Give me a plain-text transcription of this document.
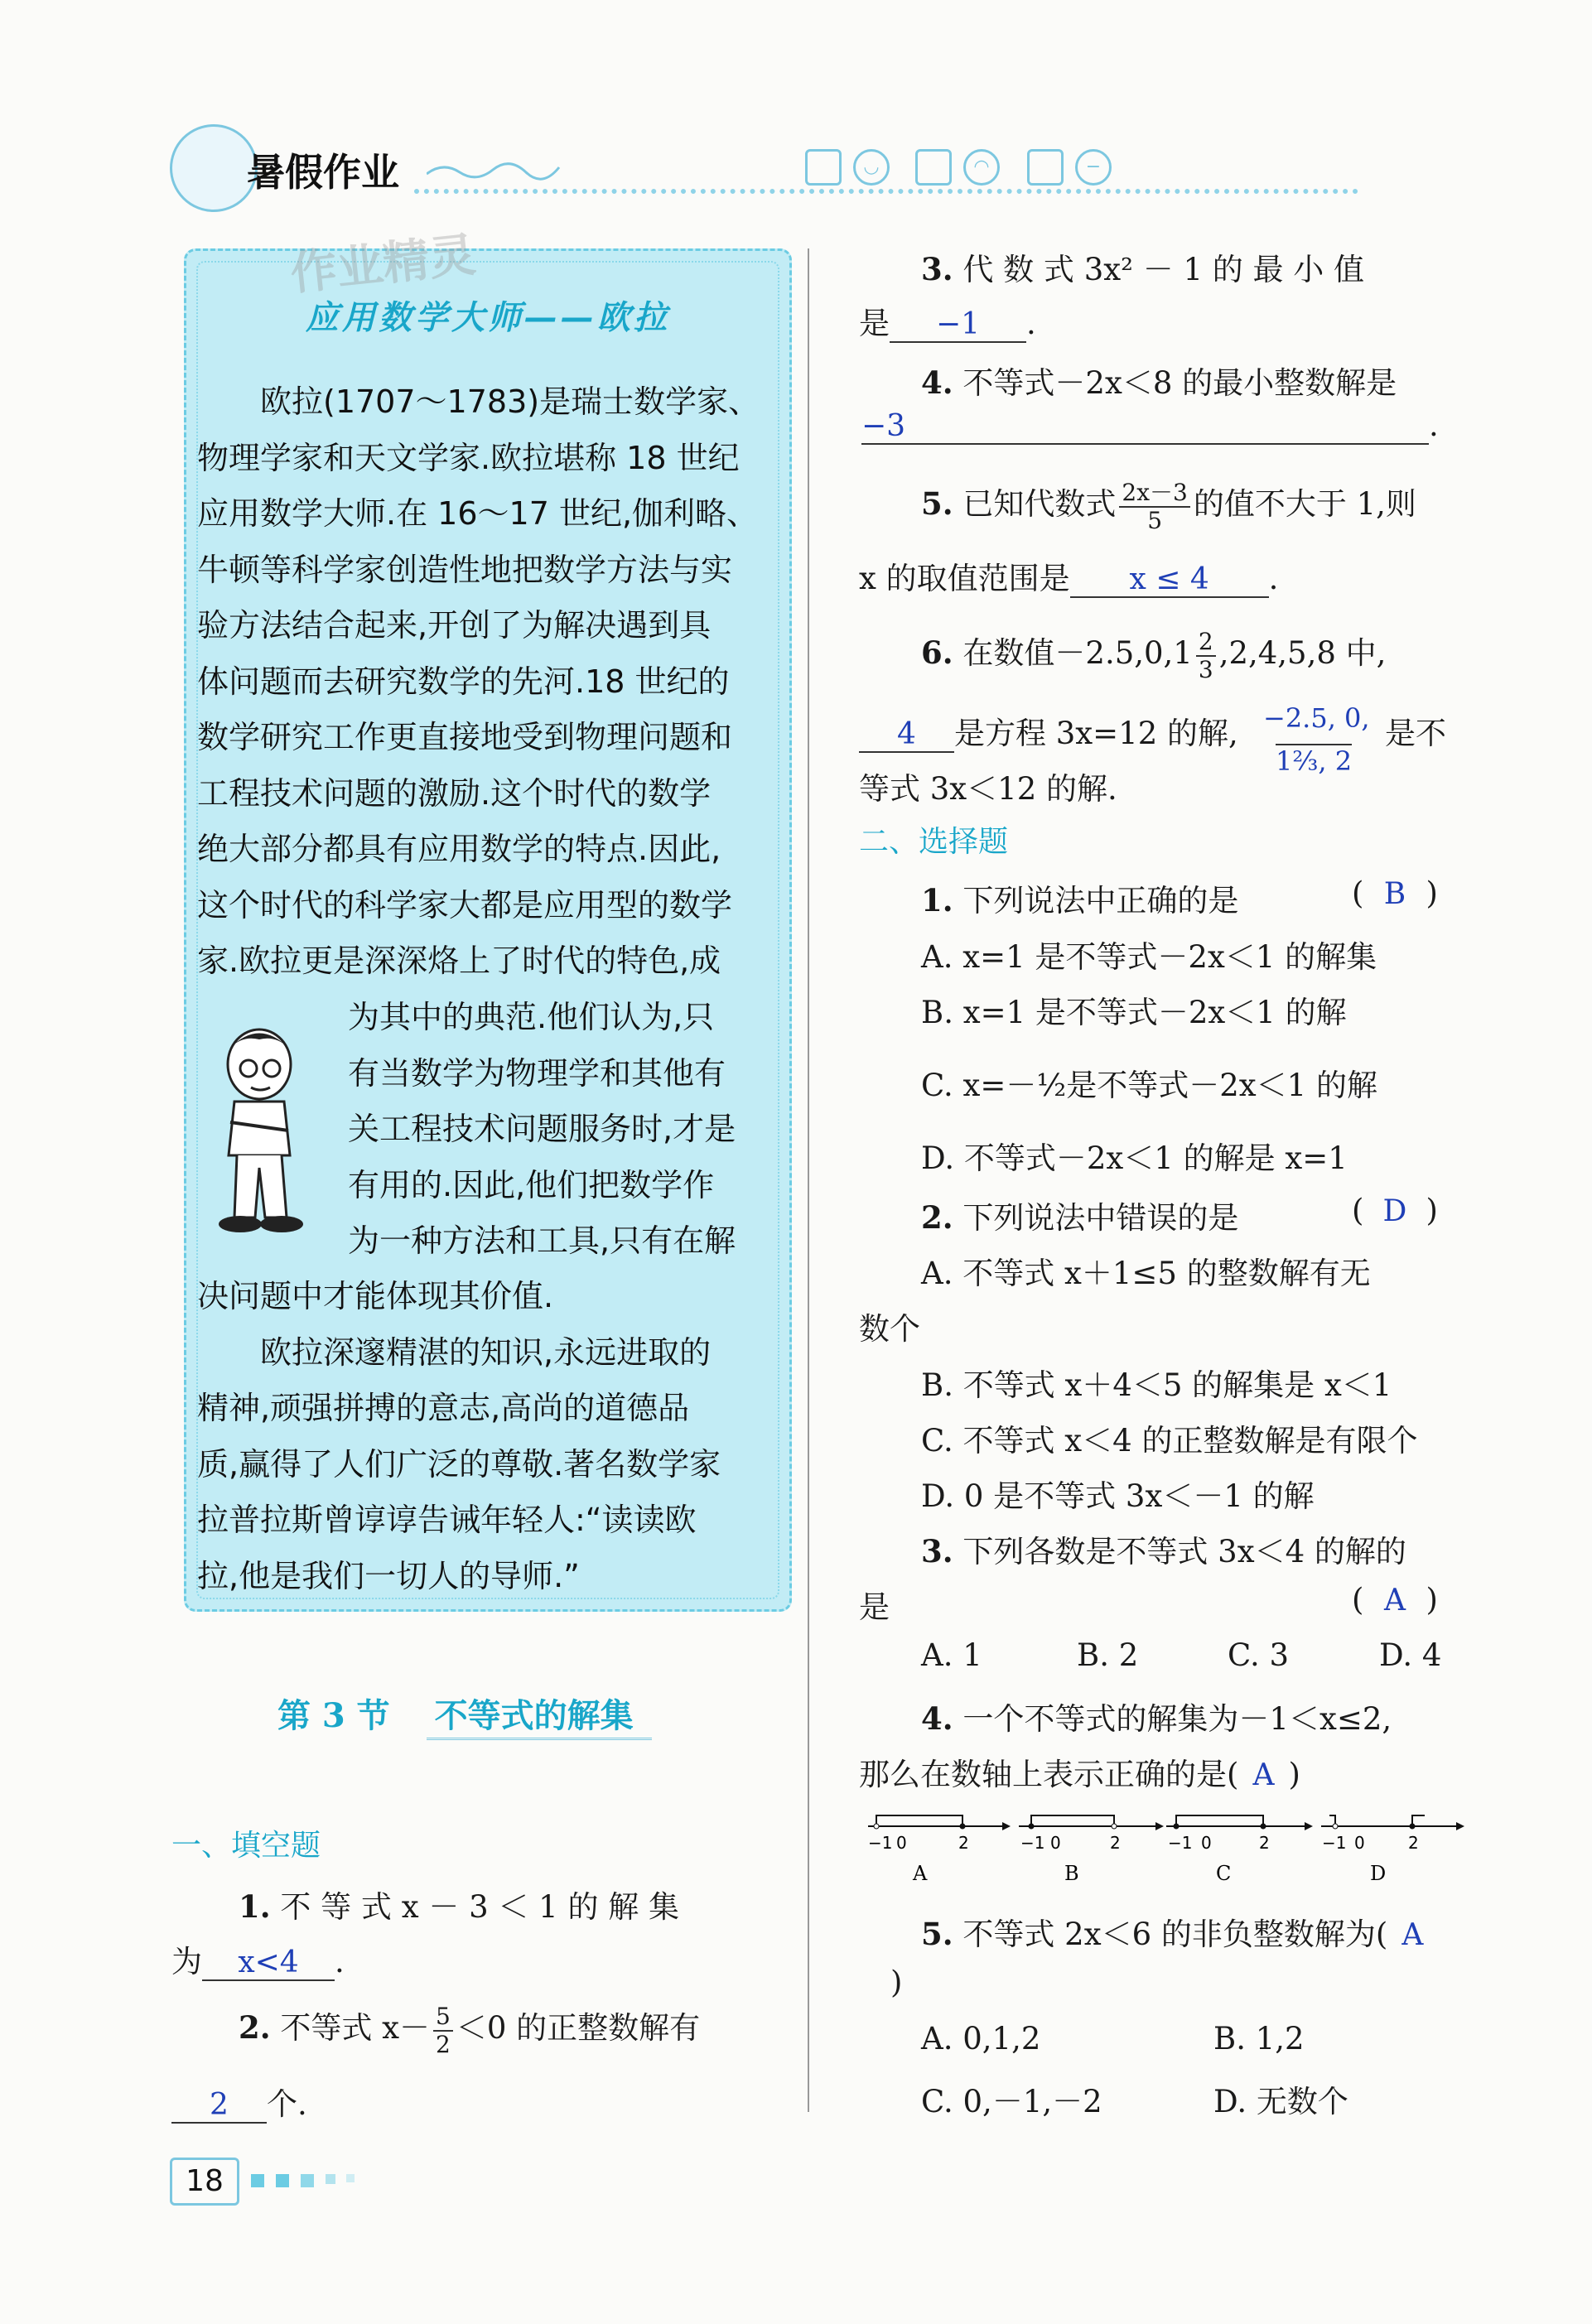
暑假作业	◡	◠	−
作业精灵
应用数学大师——欧拉
　　欧拉(1707～1783)是瑞士数学家、
物理学家和天文学家.欧拉堪称 18 世纪
应用数学大师.在 16～17 世纪,伽利略、
牛顿等科学家创造性地把数学方法与实
验方法结合起来,开创了为解决遇到具
体问题而去研究数学的先河.18 世纪的
数学研究工作更直接地受到物理问题和
工程技术问题的激励.这个时代的数学
绝大部分都具有应用数学的特点.因此,
这个时代的科学家大都是应用型的数学
家.欧拉更是深深烙上了时代的特色,成
为其中的典范.他们认为,只
有当数学为物理学和其他有
关工程技术问题服务时,才是
有用的.因此,他们把数学作
为一种方法和工具,只有在解
决问题中才能体现其价值.
　　欧拉深邃精湛的知识,永远进取的
精神,顽强拼搏的意志,高尚的道德品
质,赢得了人们广泛的尊敬.著名数学家
拉普拉斯曾谆谆告诫年轻人:“读读欧
拉,他是我们一切人的导师.”
第 3 节 不等式的解集
一、填空题
1. 不 等 式 x － 3 ＜ 1 的 解 集
为 x<4 .
2. 不等式 $x- \frac{5}{2} <0$ 的正整数解有
2 个.
3. 代 数 式 3x² － 1 的 最 小 值
是 −1 .
4. 不等式－2x＜8 的最小整数解是
−3	.
5. 已知代数式 $\frac{2x-3}{5}$ 的值不大于 1,则
x 的取值范围是 x ≤ 4 .
6. 在数值$-2.5,0,1 \frac{2}{3} ,2,4,5,8$ 中,
4 是方程 3x=12 的解, −2.5, 0,
1⅔, 2
是不
等式 3x＜12 的解.
二、选择题
1. 下列说法中正确的是	( B )
A. x=1 是不等式－2x＜1 的解集
B. x=1 是不等式－2x＜1 的解
C. x=－½是不等式－2x＜1 的解
D. 不等式－2x＜1 的解是 x=1
2. 下列说法中错误的是	( D )
A. 不等式 x＋1≤5 的整数解有无
数个
B. 不等式 x＋4＜5 的解集是 x＜1
C. 不等式 x＜4 的正整数解是有限个
D. 0 是不等式 3x＜－1 的解
3. 下列各数是不等式 3x＜4 的解的
是	( A )
A. 1	B. 2	C. 3	D. 4
4. 一个不等式的解集为－1＜x≤2,
那么在数轴上表示正确的是( A )
−1 0	2	−1 0	2	−1 0	2	−1 0	2
A	B	C	D
5. 不等式 2x＜6 的非负整数解为( A
)
A. 0,1,2	B. 1,2
C. 0,－1,－2	D. 无数个
18
